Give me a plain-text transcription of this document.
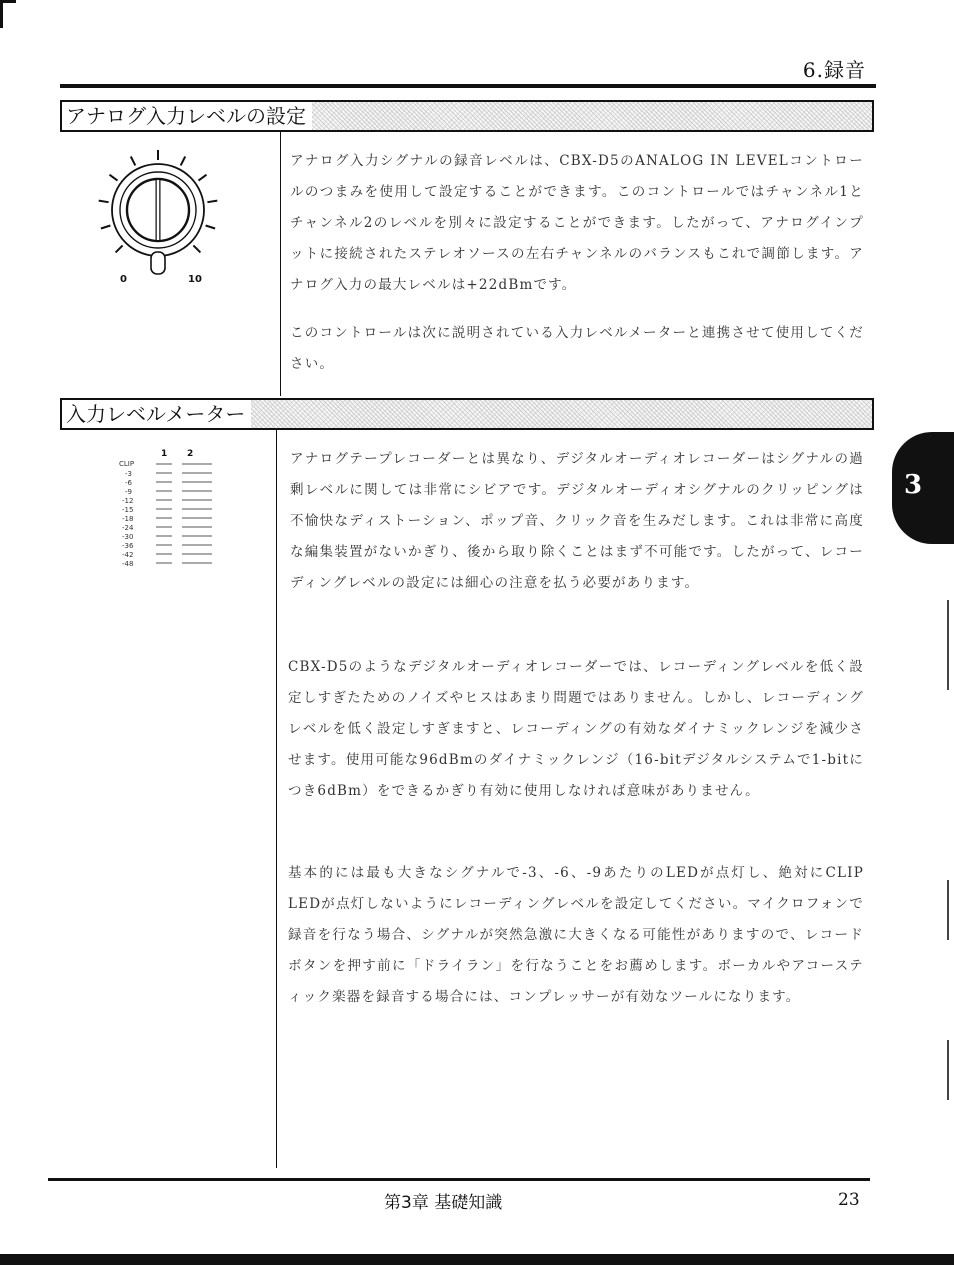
6.録音
アナログ入力レベルの設定
0	10

アナログ入力シグナルの録音レベルは、CBX-D5のANALOG IN LEVELコントロールのつまみを使用して設定することができます。このコントロールではチャンネル1とチャンネル2のレベルを別々に設定することができます。したがって、アナログインプットに接続されたステレオソースの左右チャンネルのバランスもこれで調節します。アナログ入力の最大レベルは+22dBmです。

このコントロールは次に説明されている入力レベルメーターと連携させて使用してください。

入力レベルメーター
1 2
CLIP
-3
-6
-9
-12
-15
-18
-24
-30
-36
-42
-48

アナログテープレコーダーとは異なり、デジタルオーディオレコーダーはシグナルの過剰レベルに関しては非常にシビアです。デジタルオーディオシグナルのクリッピングは不愉快なディストーション、ポップ音、クリック音を生みだします。これは非常に高度な編集装置がないかぎり、後から取り除くことはまず不可能です。したがって、レコーディングレベルの設定には細心の注意を払う必要があります。

CBX-D5のようなデジタルオーディオレコーダーでは、レコーディングレベルを低く設定しすぎたためのノイズやヒスはあまり問題ではありません。しかし、レコーディングレベルを低く設定しすぎますと、レコーディングの有効なダイナミックレンジを減少させます。使用可能な96dBmのダイナミックレンジ（16-bitデジタルシステムで1-bitにつき6dBm）をできるかぎり有効に使用しなければ意味がありません。

基本的には最も大きなシグナルで-3、-6、-9あたりのLEDが点灯し、絶対にCLIP LEDが点灯しないようにレコーディングレベルを設定してください。マイクロフォンで録音を行なう場合、シグナルが突然急激に大きくなる可能性がありますので、レコードボタンを押す前に「ドライラン」を行なうことをお薦めします。ボーカルやアコースティック楽器を録音する場合には、コンプレッサーが有効なツールになります。

3
第3章 基礎知識	23
